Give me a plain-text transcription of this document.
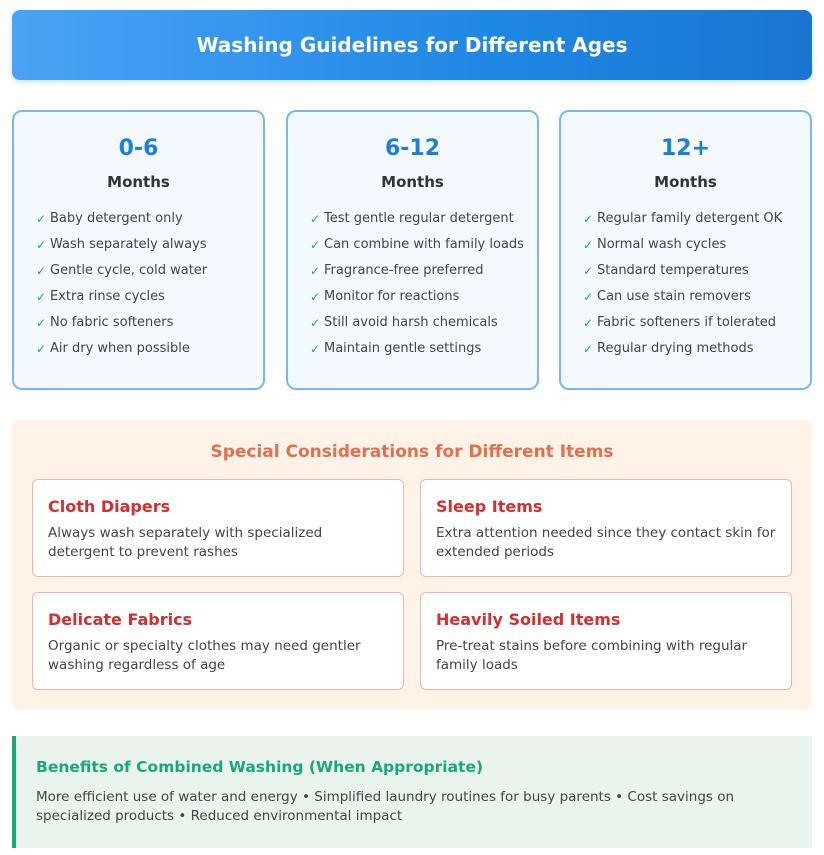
Washing Guidelines for Different Ages
0-6
Months
✓ Baby detergent only
✓ Wash separately always
✓ Gentle cycle, cold water
✓ Extra rinse cycles
✓ No fabric softeners
✓ Air dry when possible
6-12
Months
✓ Test gentle regular detergent
✓ Can combine with family loads
✓ Fragrance-free preferred
✓ Monitor for reactions
✓ Still avoid harsh chemicals
✓ Maintain gentle settings
12+
Months
✓ Regular family detergent OK
✓ Normal wash cycles
✓ Standard temperatures
✓ Can use stain removers
✓ Fabric softeners if tolerated
✓ Regular drying methods
Special Considerations for Different Items
Cloth Diapers
Always wash separately with specialized detergent to prevent rashes
Sleep Items
Extra attention needed since they contact skin for extended periods
Delicate Fabrics
Organic or specialty clothes may need gentler washing regardless of age
Heavily Soiled Items
Pre-treat stains before combining with regular family loads
Benefits of Combined Washing (When Appropriate)
More efficient use of water and energy • Simplified laundry routines for busy parents • Cost savings on specialized products • Reduced environmental impact
